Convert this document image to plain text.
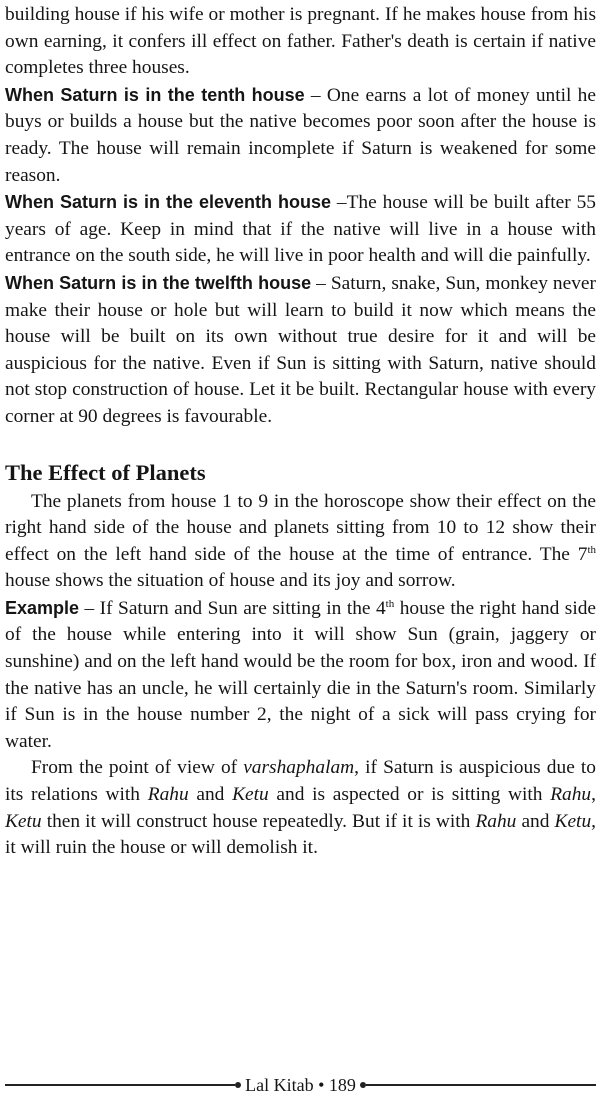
building house if his wife or mother is pregnant. If he makes house from his own earning, it confers ill effect on father. Father's death is certain if native completes three houses.

When Saturn is in the tenth house – One earns a lot of money until he buys or builds a house but the native becomes poor soon after the house is ready. The house will remain incomplete if Saturn is weakened for some reason.

When Saturn is in the eleventh house –The house will be built after 55 years of age. Keep in mind that if the native will live in a house with entrance on the south side, he will live in poor health and will die painfully.

When Saturn is in the twelfth house – Saturn, snake, Sun, monkey never make their house or hole but will learn to build it now which means the house will be built on its own without true desire for it and will be auspicious for the native. Even if Sun is sitting with Saturn, native should not stop construction of house. Let it be built. Rectangular house with every corner at 90 degrees is favourable.

The Effect of Planets

The planets from house 1 to 9 in the horoscope show their effect on the right hand side of the house and planets sitting from 10 to 12 show their effect on the left hand side of the house at the time of entrance. The 7th house shows the situation of house and its joy and sorrow.

Example – If Saturn and Sun are sitting in the 4th house the right hand side of the house while entering into it will show Sun (grain, jaggery or sunshine) and on the left hand would be the room for box, iron and wood. If the native has an uncle, he will certainly die in the Saturn's room. Similarly if Sun is in the house number 2, the night of a sick will pass crying for water.

From the point of view of varshaphalam, if Saturn is auspicious due to its relations with Rahu and Ketu and is aspected or is sitting with Rahu, Ketu then it will construct house repeatedly. But if it is with Rahu and Ketu, it will ruin the house or will demolish it.

Lal Kitab • 189
